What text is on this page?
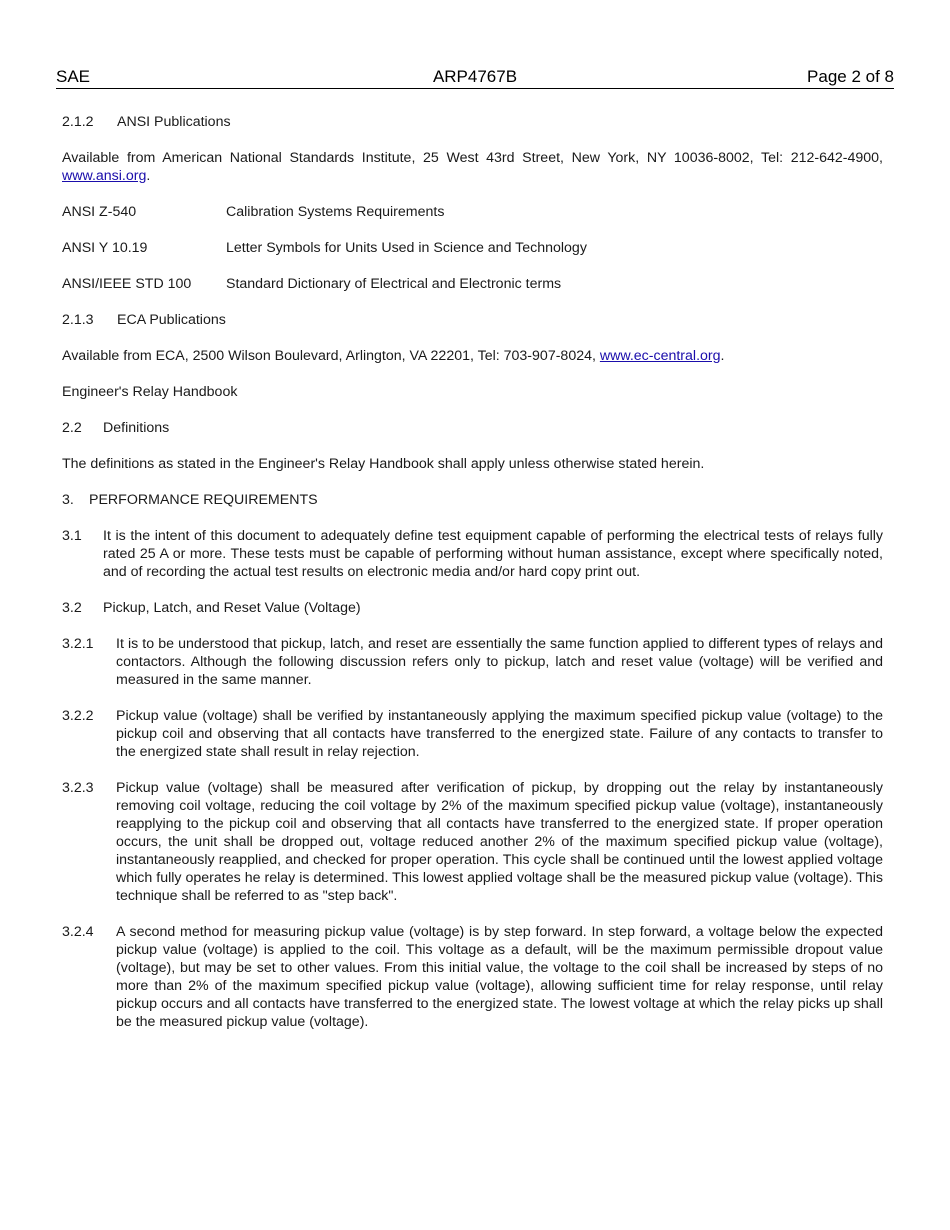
SAE	ARP4767B	Page 2 of 8
2.1.2 ANSI Publications

Available from American National Standards Institute, 25 West 43rd Street, New York, NY 10036-8002, Tel: 212-642-4900, www.ansi.org.

ANSI Z-540	Calibration Systems Requirements
ANSI Y 10.19	Letter Symbols for Units Used in Science and Technology
ANSI/IEEE STD 100	Standard Dictionary of Electrical and Electronic terms
2.1.3 ECA Publications

Available from ECA, 2500 Wilson Boulevard, Arlington, VA 22201, Tel: 703-907-8024, www.ec-central.org.

Engineer's Relay Handbook

2.2 Definitions

The definitions as stated in the Engineer's Relay Handbook shall apply unless otherwise stated herein.

3. PERFORMANCE REQUIREMENTS
3.1	It is the intent of this document to adequately define test equipment capable of performing the electrical tests of relays fully rated 25 A or more. These tests must be capable of performing without human assistance, except where specifically noted, and of recording the actual test results on electronic media and/or hard copy print out.
3.2 Pickup, Latch, and Reset Value (Voltage)
3.2.1	It is to be understood that pickup, latch, and reset are essentially the same function applied to different types of relays and contactors. Although the following discussion refers only to pickup, latch and reset value (voltage) will be verified and measured in the same manner.
3.2.2	Pickup value (voltage) shall be verified by instantaneously applying the maximum specified pickup value (voltage) to the pickup coil and observing that all contacts have transferred to the energized state. Failure of any contacts to transfer to the energized state shall result in relay rejection.
3.2.3	Pickup value (voltage) shall be measured after verification of pickup, by dropping out the relay by instantaneously removing coil voltage, reducing the coil voltage by 2% of the maximum specified pickup value (voltage), instantaneously reapplying to the pickup coil and observing that all contacts have transferred to the energized state. If proper operation occurs, the unit shall be dropped out, voltage reduced another 2% of the maximum specified pickup value (voltage), instantaneously reapplied, and checked for proper operation. This cycle shall be continued until the lowest applied voltage which fully operates he relay is determined. This lowest applied voltage shall be the measured pickup value (voltage). This technique shall be referred to as "step back".
3.2.4	A second method for measuring pickup value (voltage) is by step forward. In step forward, a voltage below the expected pickup value (voltage) is applied to the coil. This voltage as a default, will be the maximum permissible dropout value (voltage), but may be set to other values. From this initial value, the voltage to the coil shall be increased by steps of no more than 2% of the maximum specified pickup value (voltage), allowing sufficient time for relay response, until relay pickup occurs and all contacts have transferred to the energized state. The lowest voltage at which the relay picks up shall be the measured pickup value (voltage).
